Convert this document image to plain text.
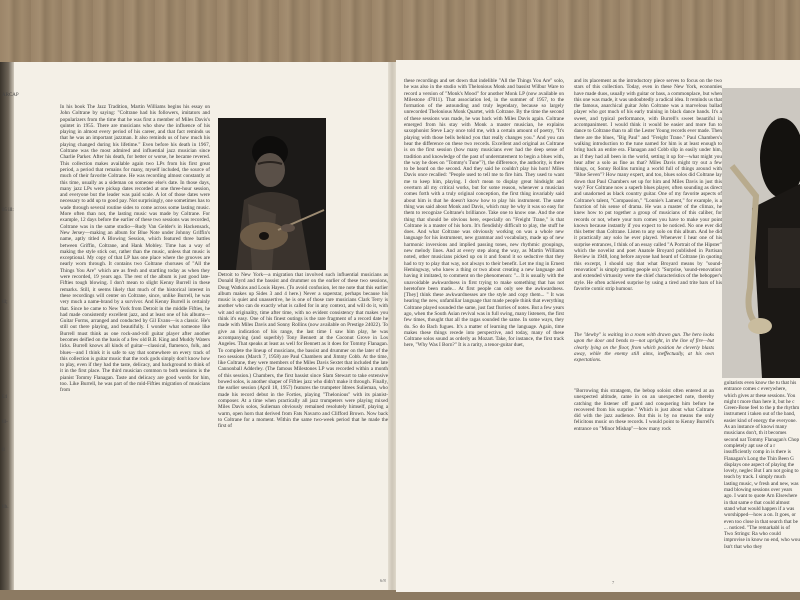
ARCAP
05 ill:
ill;
£4
lll-
ll
llb.
In his book The Jazz Tradition, Martin Williams begins his essay on John Coltrane by saying: "Coltrane had his followers, imitators and popularizers from the time that he was first a member of Miles Davis's quintet in 1955. There are musicians who show the influence of his playing in almost every period of his career, and that fact reminds us that he was an important jazzman. It also reminds us of how much his playing changed during his lifetime." Even before his death in 1967, Coltrane was the most admired and influential jazz musician since Charlie Parker. After his death, for better or worse, he became revered. This collection makes available again two LPs from his first great period, a period that remains for many, myself included, the source of much of their favorite Coltrane. He was recording almost constantly at this time, usually as a sideman on someone else's date. In those days, many jazz LPs were pickup dates recorded at one three-hour session, and everyone but the leader was paid scale. A lot of those dates were necessary to add up to good pay. Not surprisingly, one sometimes has to wade through several routine sides to come across some lasting music. More often than not, the lasting music was made by Coltrane. For example, 12 days before the earlier of these two sessions was recorded, Coltrane was in the same studio—Rudy Van Gelder's in Hackensack, New Jersey—making an album for Blue Note under Johnny Griffin's name, aptly titled A Blowing Session, which featured three battles between Griffin, Coltrane, and Hank Mobley. Time has a way of making the style stick out, rather than the music, unless that music is exceptional. My copy of that LP has one place where the grooves are nearly worn through. It contains two Coltrane choruses of "All the Things You Are" which are as fresh and startling today as when they were recorded, 19 years ago. The rest of the album is just good late-Fifties tough blowing. I don't mean to slight Kenny Burrell in these remarks. Still, it seems likely that much of the historical interest in these recordings will center on Coltrane, since, unlike Burrell, he was very much a name-brand by a survivor. And Kenny Burrell is certainly that. Since he came to New York from Detroit in the middle Fifties, he had made consistently excellent jazz, and at least one of his albums—Guitar Forms, arranged and conducted by Gil Evans—is a classic. He's still out there playing, and beautifully. I wonder what someone like Burrell must think as one rock-and-roll guitar player after another becomes deified on the basis of a few old B.B. King and Muddy Waters licks. Burrell knows all kinds of guitar—classical, flamenco, folk, and blues—and I think it is safe to say that somewhere on every track of this collection is guitar music that the rock gods simply don't know how to play, even if they had the taste, delicacy, and background to think of it in the first place. The third musician common to both sessions is the pianist Tommy Flanagan. Taste and delicacy are good words for him, too. Like Burrell, he was part of the mid-Fifties migration of musicians from
Detroit to New York—a migration that involved such influential musicians as Donald Byrd and the bassist and drummer on the earlier of these two sessions, Doug Watkins and Louis Hayes. (To avoid confusion, let me note that this earlier album makes up Sides 3 and 4 here.) Never a superstar, perhaps because his music is quiet and unassertive, he is one of those rare musicians Clark Terry is another who can do exactly what is called for in any context, and will do it, with wit and originality, time after time, with no evident consistency that makes you think it's easy. One of his finest outings is the rare fragment of a record date he made with Miles Davis and Sonny Rollins (now available on Prestige 24022). To give an indication of his range, the last time I saw him play, he was accompanying (and superbly) Tony Bennett at the Coconut Grove in Los Angeles. That speaks at least as well for Bennett as it does for Tommy Flanagan. To complete the lineup of musicians, the bassist and drummer on the later of the two sessions (March 7, 1958) are Paul Chambers and Jimmy Cobb. At the time, like Coltrane, they were members of the Miles Davis Sextet that included the late Cannonball Adderley. (The famous Milestones LP was recorded within a month of this session.) Chambers, the first bassist since Slam Stewart to take extensive bowed solos, is another shaper of Fifties jazz who didn't make it through. Finally, the earlier session (April 18, 1957) features the trumpeter Idrees Sulieman, who made his record debut in the Forties, playing "Thelonious" with its pianist-composer. At a time when practically all jazz trumpeters were playing mixed Miles Davis solos, Sulieman obviously remained resolutely himself, playing a warm, open horn that derived from Fats Navarro and Clifford Brown. Now back to Coltrane for a moment. Within the same two-week period that he made the first of
6/8
these recordings and set down that indelible "All the Things You Are" solo, he was also in the studio with Thelonious Monk and bassist Wilbur Ware to record a version of "Monk's Mood" for another Monk LP (now available on Milestone 47011). That association led, in the summer of 1957, to the formation of the astounding and truly legendary, because so largely unrecorded Thelonious Monk Quartet, with Coltrane. By the time the second of these sessions was made, he was back with Miles Davis again. Coltrane emerged from his stay with Monk a master musician, he explains saxophonist Steve Lacy once told me, with a certain amount of poetry, "It's playing with those bells behind you that really changes you." And you can hear the difference on these two records. Excellent and original as Coltrane is on the first session (how many musicians ever had the deep sense of tradition and knowledge of the past of understatement to begin a blues with, the way he does on "Tommy's Tune"?), the difference, the authority, is there to be heard on the second. And they said he couldn't play his horn! Miles Davis once recalled: "People used to tell me to fire him. They used to want me to keep him, playing. I don't mean to display great hindsight and overturn all my critical works, but for some reason, whenever a musician comes forth with a truly original conception, the first thing invariably said about him is that he doesn't know how to play his instrument. The same thing was said about Monk and Davis, which may be why it was so easy for them to recognize Coltrane's brilliance. Take one to know one. And the one thing that should be obvious here, especially on "Freight Trane," is that Coltrane is a master of his horn. It's fiendishly difficult to play, the stuff he does. And what Coltrane was obviously working on was a whole new language for his instrument, new grammar and vocabulary, made up of new harmonic inversions and implied passing tones, new rhythmic groupings, new melody lines. And at every step along the way, as Martin Williams noted, other musicians picked up on it and found it so seductive that they had to try to play that way, not always to their benefit. Let me ring in Ernest Hemingway, who knew a thing or two about creating a new language and having it imitated, to comment on the phenomenon: "... It is usually with the unavoidable awkwardness in first trying to make something that has not heretofore been made... At first people can only see the awkwardness. [They] think these awkwardnesses are the style and copy them... " It was hearing the new, unfamiliar language that made people think that everything Coltrane played sounded the same, just fast flurries of notes. But a few years ago, when the South Asian revival was in full swing, many listeners, the first few times, thought that all the ragas sounded the same. In some ways, they do. So do Bach fugues. It's a matter of learning the language. Again, time makes these things recede into perspective, and today, many of these Coltrane solos sound as orderly as Mozart. Take, for instance, the first track here, "Why Was I Born?" It is a rarity, a tenor-guitar duet,
and its placement as the introductory piece serves to focus on the two stars of this collection. Today, even in these New York, economies have made duos, usually with guitar or bass, a commonplace, but when this one was made, it was undoubtedly a radical idea. It reminds us that the famous, anarchical guitar John Coltrane was a marvelous ballad player who got much of his early training in black dance bands. It's a sweet, and typical performance, with Burrell's sweet beautiful in accompaniment. I would think it would be easier and more fun to dance to Coltrane than to all the Lester Young records ever made. Then there are the blues, "Big Paul" and "Freight Trane." Paul Chambers's walking introduction to the tune named for him is at least enough to bring back an entire era. Flanagan and Cobb slip in easily under him, as if they had all been in the world, setting it up for—what might you hear after a solo as fine as that? Miles Davis might try out a few things, or, Sonny Rollins turning a world full of things around with "Blue Seven"? How many expert, and too, blues solos did Coltrane lay down that Paul Chambers set up for him and Miles Davis in just this way? For Coltrane now a superb blues player, often sounding as direct and unadorned as black country guitar. One of my favorite aspects of Coltrane's talent, "Compassion," "Lonnie's Lament," for example, is a function of his sense of drama. He was a master of the climax, he knew how to put together a group of musicians of this caliber, for records or not, where your turn comes you have to make your point known because instantly if you expect to be noticed. No one ever did this better than Coltrane. Listen to any solo on this album. And he did it practically any solo he ever played. Whenever I hear one of his surprise entrances, I think of an essay called "A Portrait of the Hipster" which the novelist and poet Anatole Broyard published in Partisan Review in 1948, long before anyone had heard of Coltrane (in quoting this excerpt, I should say that what Broyard means by "sound-renovation" is simply putting people on): "Surprise, 'sound-renovation' and extended virtuosity were the chief characteristics of the bebopper's style. He often achieved surprise by using a tired and trite bars of his favorite comic strip humour.
The "dewby" is waiting in a room with drawn gun. The hero looks upon the door and bends to—not upright, in the line of fire—but clearly lying on the floor, from which position he cleverly blasts away, while the enemy still aims, ineffectually, at his own expectations.
"Borrowing this stratagem, the bebop soloist often entered at an unexpected altitude, came in on an unexpected note, thereby catching the listener off guard and conquering him before he recovered from his surprise." Which is just about what Coltrane did with the jazz audience. But this is by no means the only felicitous music on these records. I would point to Kenny Burrell's entrance on "Minor Mishap"—how many rock
guitarists even know the tu that his entrance comes c everywhere, which gives ar these sessions. You might t more than here it, but he c Green-Bone feel to the p the rhythm instrument i taken out of the band, easier kind of energy the everyone. As an instance of knowi many musicians don't, th it becomes second nat Tommy Flanagan's Chop completely apt use of a r insufficiently comp in is there is Flanagan's Long the Thin Been G displays one aspect of playing the lovely, neglec But I am not going to teach by track. I simply much lasting music, w fresh and new, was mad blowing sessions over years ago. I want to quote Arn Elsewhere in that same e that could almost stand what would happen if a was worshipped—how a on. It goes, or even too close in that search that be ... noticed. "The remarkabl is of Two Strings: Ra who could improvise in know no end, who wou Isn't that who they
7
